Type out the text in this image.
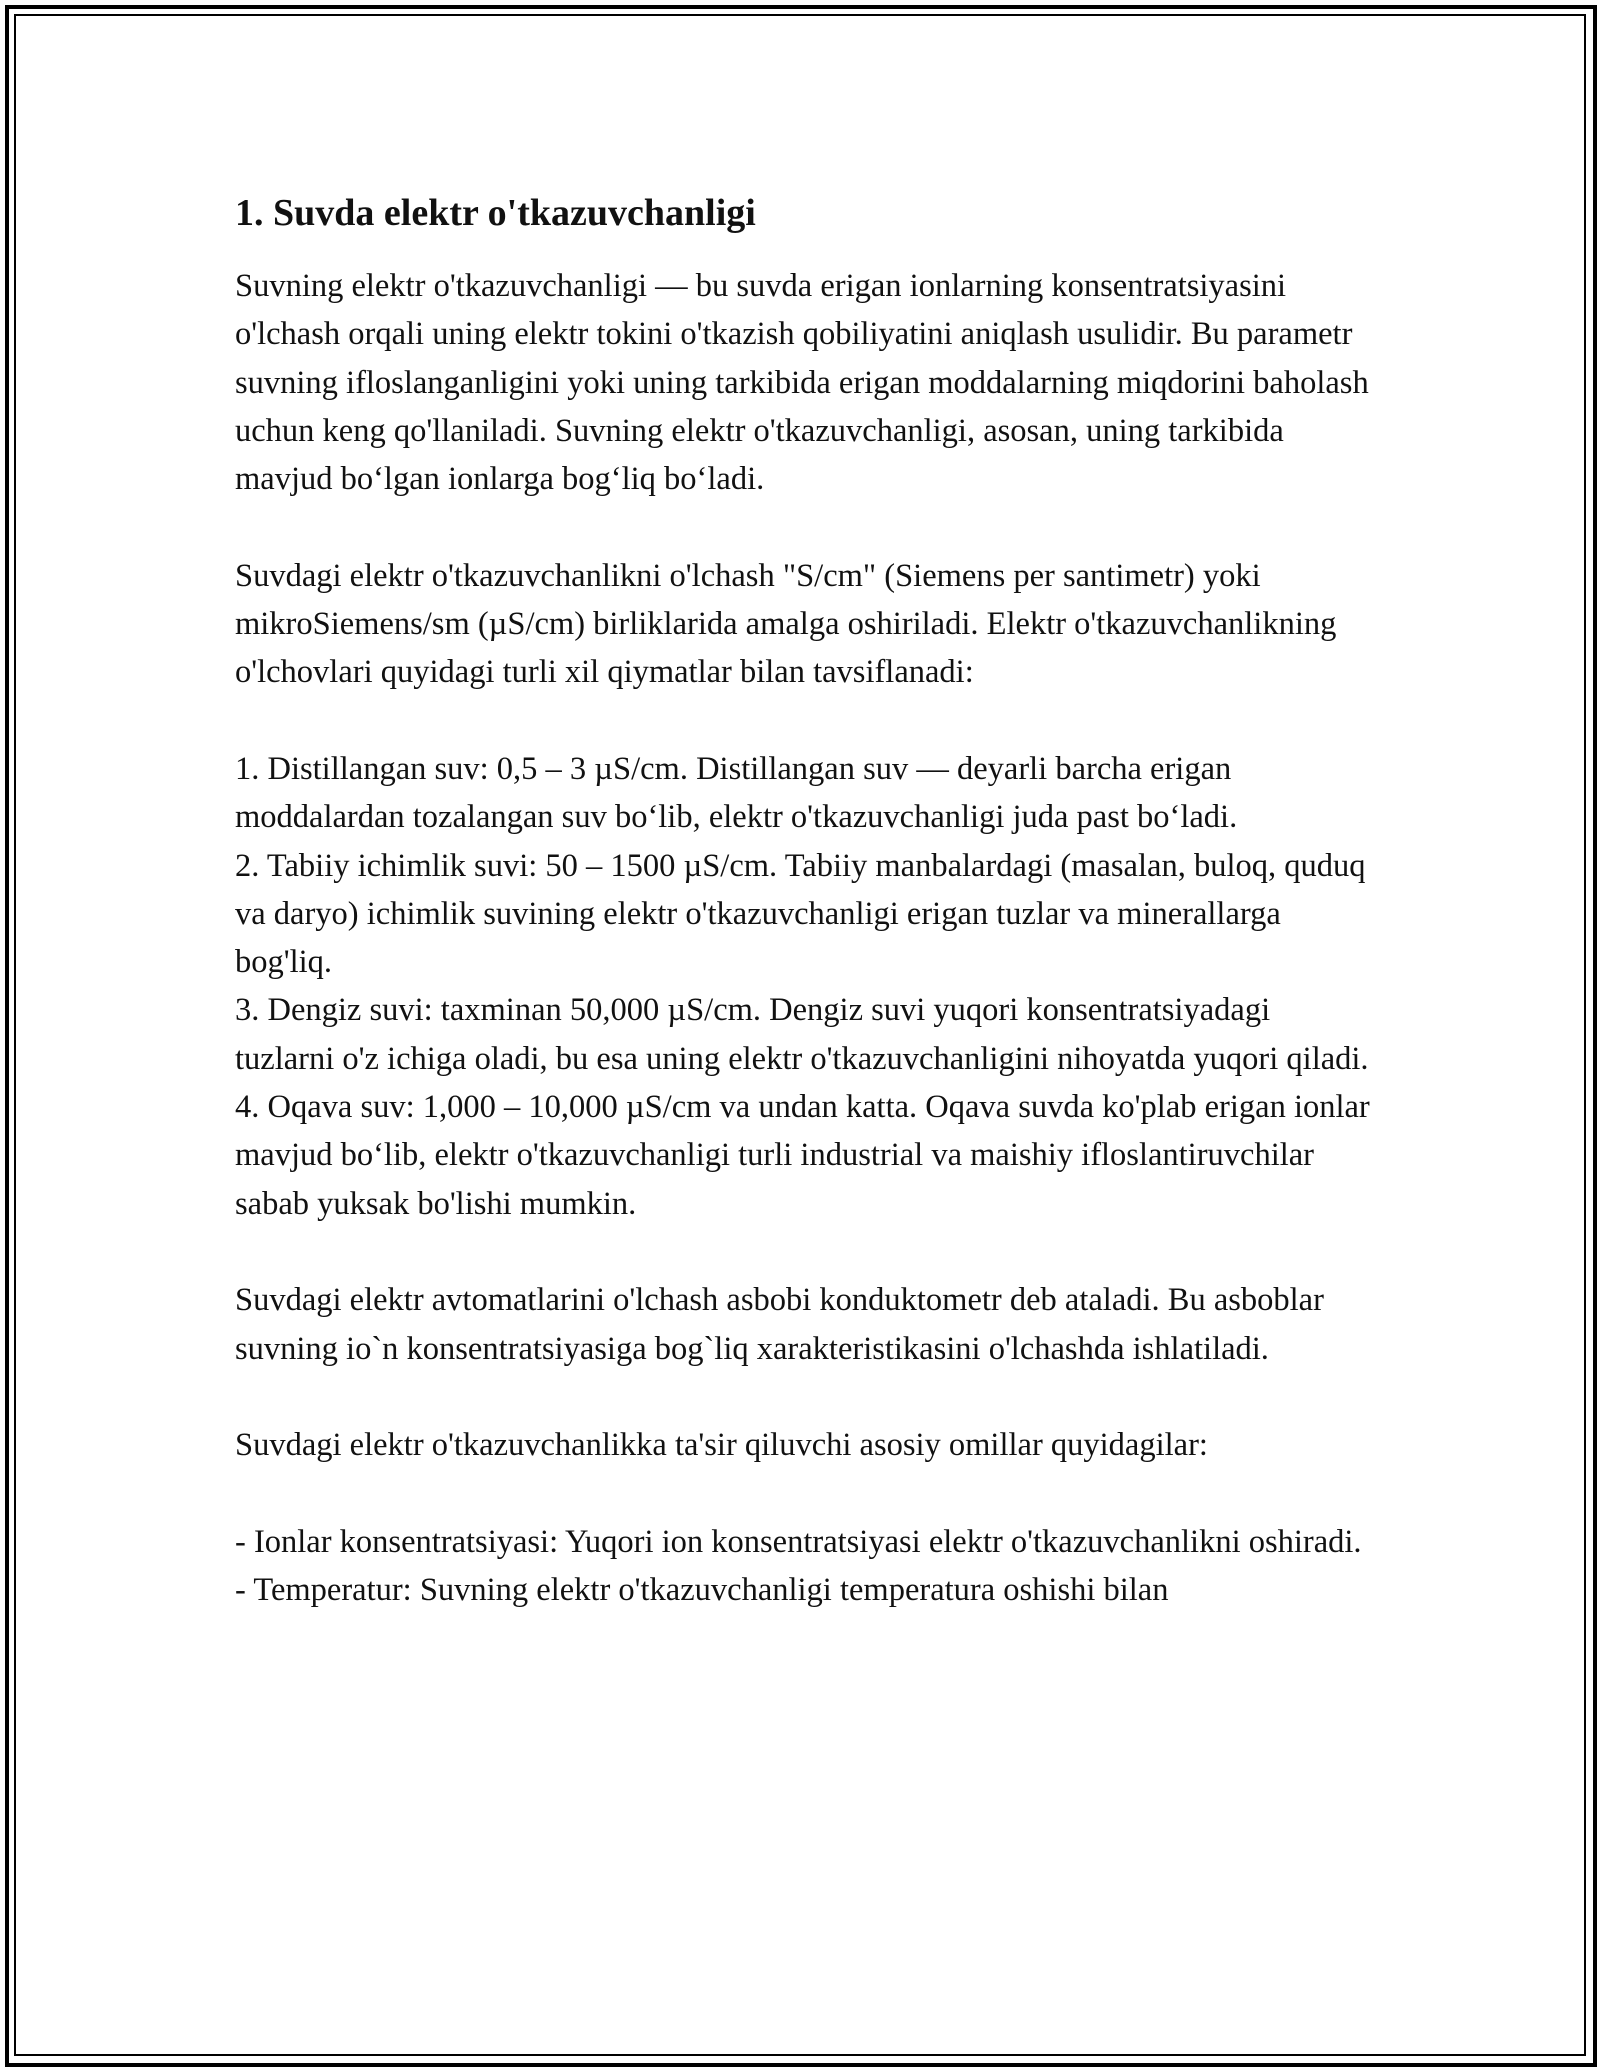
1. Suvda elektr o'tkazuvchanligi

Suvning elektr o'tkazuvchanligi — bu suvda erigan ionlarning konsentratsiyasini o'lchash orqali uning elektr tokini o'tkazish qobiliyatini aniqlash usulidir. Bu parametr suvning ifloslanganligini yoki uning tarkibida erigan moddalarning miqdorini baholash uchun keng qo'llaniladi. Suvning elektr o'tkazuvchanligi, asosan, uning tarkibida mavjud bo‘lgan ionlarga bog‘liq bo‘ladi.

Suvdagi elektr o'tkazuvchanlikni o'lchash "S/cm" (Siemens per santimetr) yoki mikroSiemens/sm (µS/cm) birliklarida amalga oshiriladi. Elektr o'tkazuvchanlikning o'lchovlari quyidagi turli xil qiymatlar bilan tavsiflanadi:

1. Distillangan suv: 0,5 – 3 µS/cm. Distillangan suv — deyarli barcha erigan moddalardan tozalangan suv bo‘lib, elektr o'tkazuvchanligi juda past bo‘ladi.

2. Tabiiy ichimlik suvi: 50 – 1500 µS/cm. Tabiiy manbalardagi (masalan, buloq, quduq va daryo) ichimlik suvining elektr o'tkazuvchanligi erigan tuzlar va minerallarga bog'liq.

3. Dengiz suvi: taxminan 50,000 µS/cm. Dengiz suvi yuqori konsentratsiyadagi tuzlarni o'z ichiga oladi, bu esa uning elektr o'tkazuvchanligini nihoyatda yuqori qiladi.

4. Oqava suv: 1,000 – 10,000 µS/cm va undan katta. Oqava suvda ko'plab erigan ionlar mavjud bo‘lib, elektr o'tkazuvchanligi turli industrial va maishiy ifloslantiruvchilar sabab yuksak bo'lishi mumkin.

Suvdagi elektr avtomatlarini o'lchash asbobi konduktometr deb ataladi. Bu asboblar suvning io`n konsentratsiyasiga bog`liq xarakteristikasini o'lchashda ishlatiladi.

Suvdagi elektr o'tkazuvchanlikka ta'sir qiluvchi asosiy omillar quyidagilar:

- Ionlar konsentratsiyasi: Yuqori ion konsentratsiyasi elektr o'tkazuvchanlikni oshiradi.

- Temperatur: Suvning elektr o'tkazuvchanligi temperatura oshishi bilan
